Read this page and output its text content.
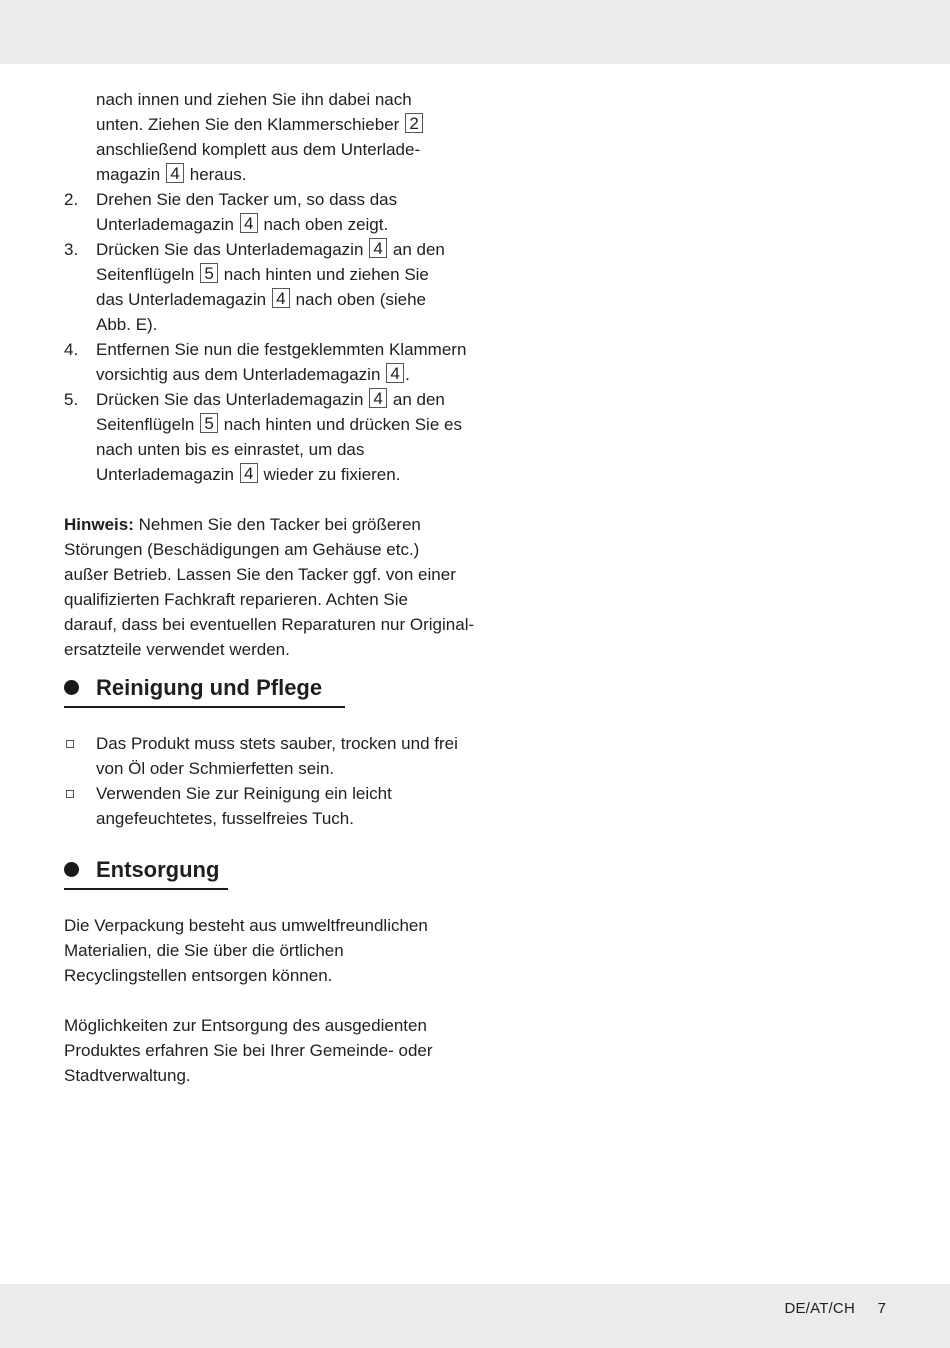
nach innen und ziehen Sie ihn dabei nach
unten. Ziehen Sie den Klammerschieber 2
anschließend komplett aus dem Unterlade-
magazin 4 heraus.
2.	Drehen Sie den Tacker um, so dass das
Unterlademagazin 4 nach oben zeigt.
3.	Drücken Sie das Unterlademagazin 4 an den
Seitenflügeln 5 nach hinten und ziehen Sie
das Unterlademagazin 4 nach oben (siehe
Abb. E).
4.	Entfernen Sie nun die festgeklemmten Klammern
vorsichtig aus dem Unterlademagazin 4 .
5.	Drücken Sie das Unterlademagazin 4 an den
Seitenflügeln 5 nach hinten und drücken Sie es
nach unten bis es einrastet, um das
Unterlademagazin 4 wieder zu fixieren.
Hinweis: Nehmen Sie den Tacker bei größeren
Störungen (Beschädigungen am Gehäuse etc.)
außer Betrieb. Lassen Sie den Tacker ggf. von einer
qualifizierten Fachkraft reparieren. Achten Sie
darauf, dass bei eventuellen Reparaturen nur Original-
ersatzteile verwendet werden.
Reinigung und Pflege
Das Produkt muss stets sauber, trocken und frei
von Öl oder Schmierfetten sein.
Verwenden Sie zur Reinigung ein leicht
angefeuchtetes, fusselfreies Tuch.
Entsorgung
Die Verpackung besteht aus umweltfreundlichen
Materialien, die Sie über die örtlichen
Recyclingstellen entsorgen können.
Möglichkeiten zur Entsorgung des ausgedienten
Produktes erfahren Sie bei Ihrer Gemeinde- oder
Stadtverwaltung.
DE/AT/CH 7
